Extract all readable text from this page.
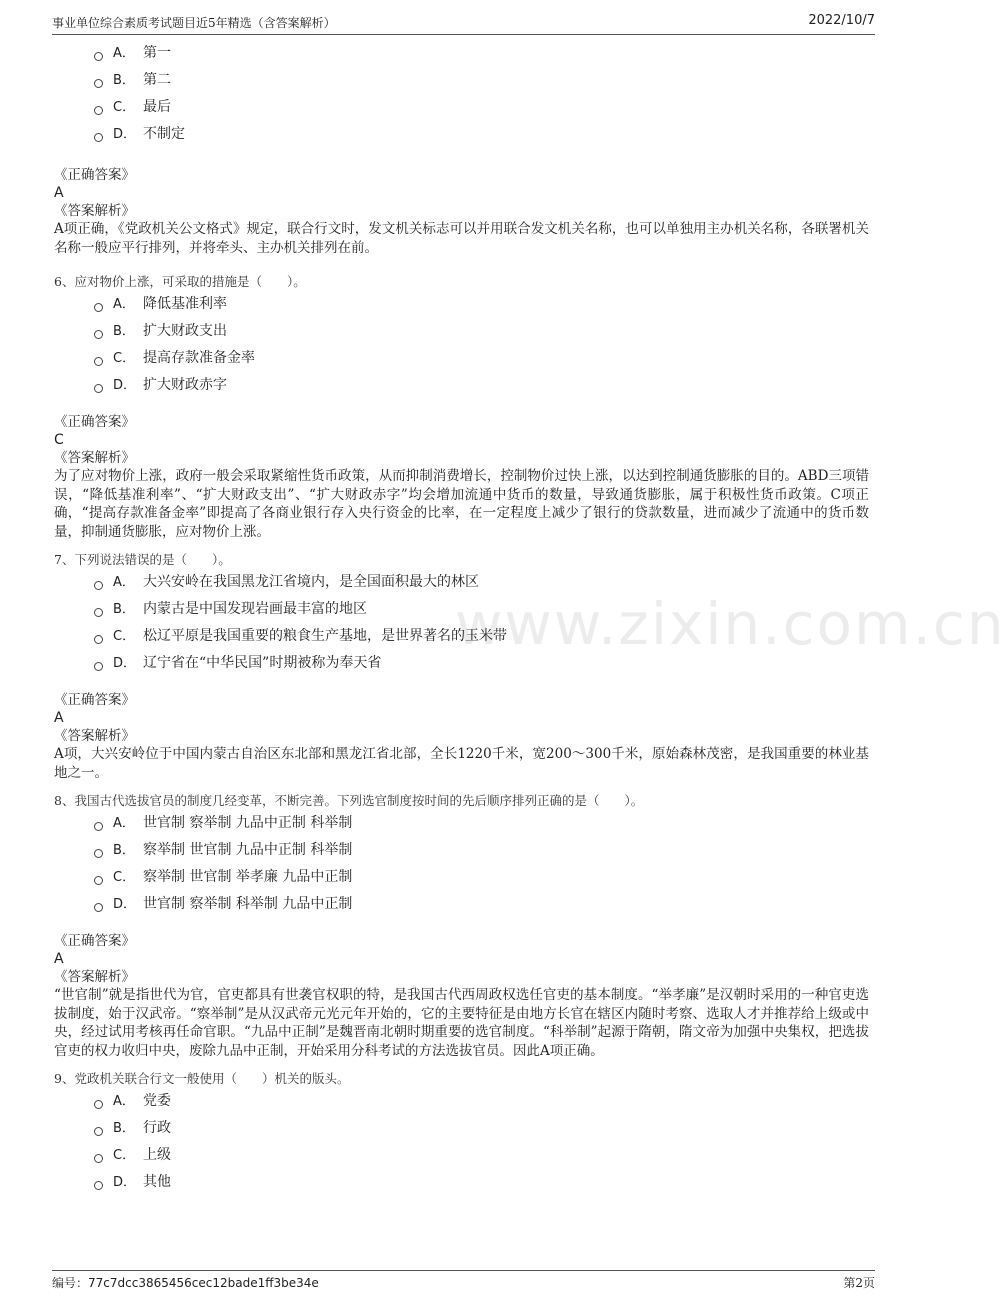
事业单位综合素质考试题目近5年精选（含答案解析）	2022/10/7
www.zixin.com.cn
A． 第一
B． 第二
C． 最后
D． 不制定
《正确答案》
A
《答案解析》
A项正确，《党政机关公文格式》规定，联合行文时，发文机关标志可以并用联合发文机关名称，也可以单独用主办机关名称，各联署机关名称一般应平行排列，并将牵头、主办机关排列在前。
6、应对物价上涨，可采取的措施是（　　）。
A． 降低基准利率
B． 扩大财政支出
C． 提高存款准备金率
D． 扩大财政赤字
《正确答案》
C
《答案解析》
为了应对物价上涨，政府一般会采取紧缩性货币政策，从而抑制消费增长，控制物价过快上涨，以达到控制通货膨胀的目的。ABD三项错误，“降低基准利率”、“扩大财政支出”、“扩大财政赤字”均会增加流通中货币的数量，导致通货膨胀，属于积极性货币政策。C项正确，“提高存款准备金率”即提高了各商业银行存入央行资金的比率，在一定程度上减少了银行的贷款数量，进而减少了流通中的货币数量，抑制通货膨胀，应对物价上涨。
7、下列说法错误的是（　　）。
A． 大兴安岭在我国黑龙江省境内，是全国面积最大的林区
B． 内蒙古是中国发现岩画最丰富的地区
C． 松辽平原是我国重要的粮食生产基地，是世界著名的玉米带
D． 辽宁省在“中华民国”时期被称为奉天省
《正确答案》
A
《答案解析》
A项，大兴安岭位于中国内蒙古自治区东北部和黑龙江省北部，全长1220千米，宽200～300千米，原始森林茂密，是我国重要的林业基地之一。
8、我国古代选拔官员的制度几经变革，不断完善。下列选官制度按时间的先后顺序排列正确的是（　　）。
A． 世官制 察举制 九品中正制 科举制
B． 察举制 世官制 九品中正制 科举制
C． 察举制 世官制 举孝廉 九品中正制
D． 世官制 察举制 科举制 九品中正制
《正确答案》
A
《答案解析》
“世官制”就是指世代为官，官吏都具有世袭官权职的特，是我国古代西周政权选任官吏的基本制度。“举孝廉”是汉朝时采用的一种官吏选拔制度，始于汉武帝。“察举制”是从汉武帝元光元年开始的，它的主要特征是由地方长官在辖区内随时考察、选取人才并推荐给上级或中央，经过试用考核再任命官职。“九品中正制”是魏晋南北朝时期重要的选官制度。“科举制”起源于隋朝，隋文帝为加强中央集权，把选拔官吏的权力收归中央，废除九品中正制，开始采用分科考试的方法选拔官员。因此A项正确。
9、党政机关联合行文一般使用（　　）机关的版头。
A． 党委
B． 行政
C． 上级
D． 其他
编号：77c7dcc3865456cec12bade1ff3be34e	第2页
